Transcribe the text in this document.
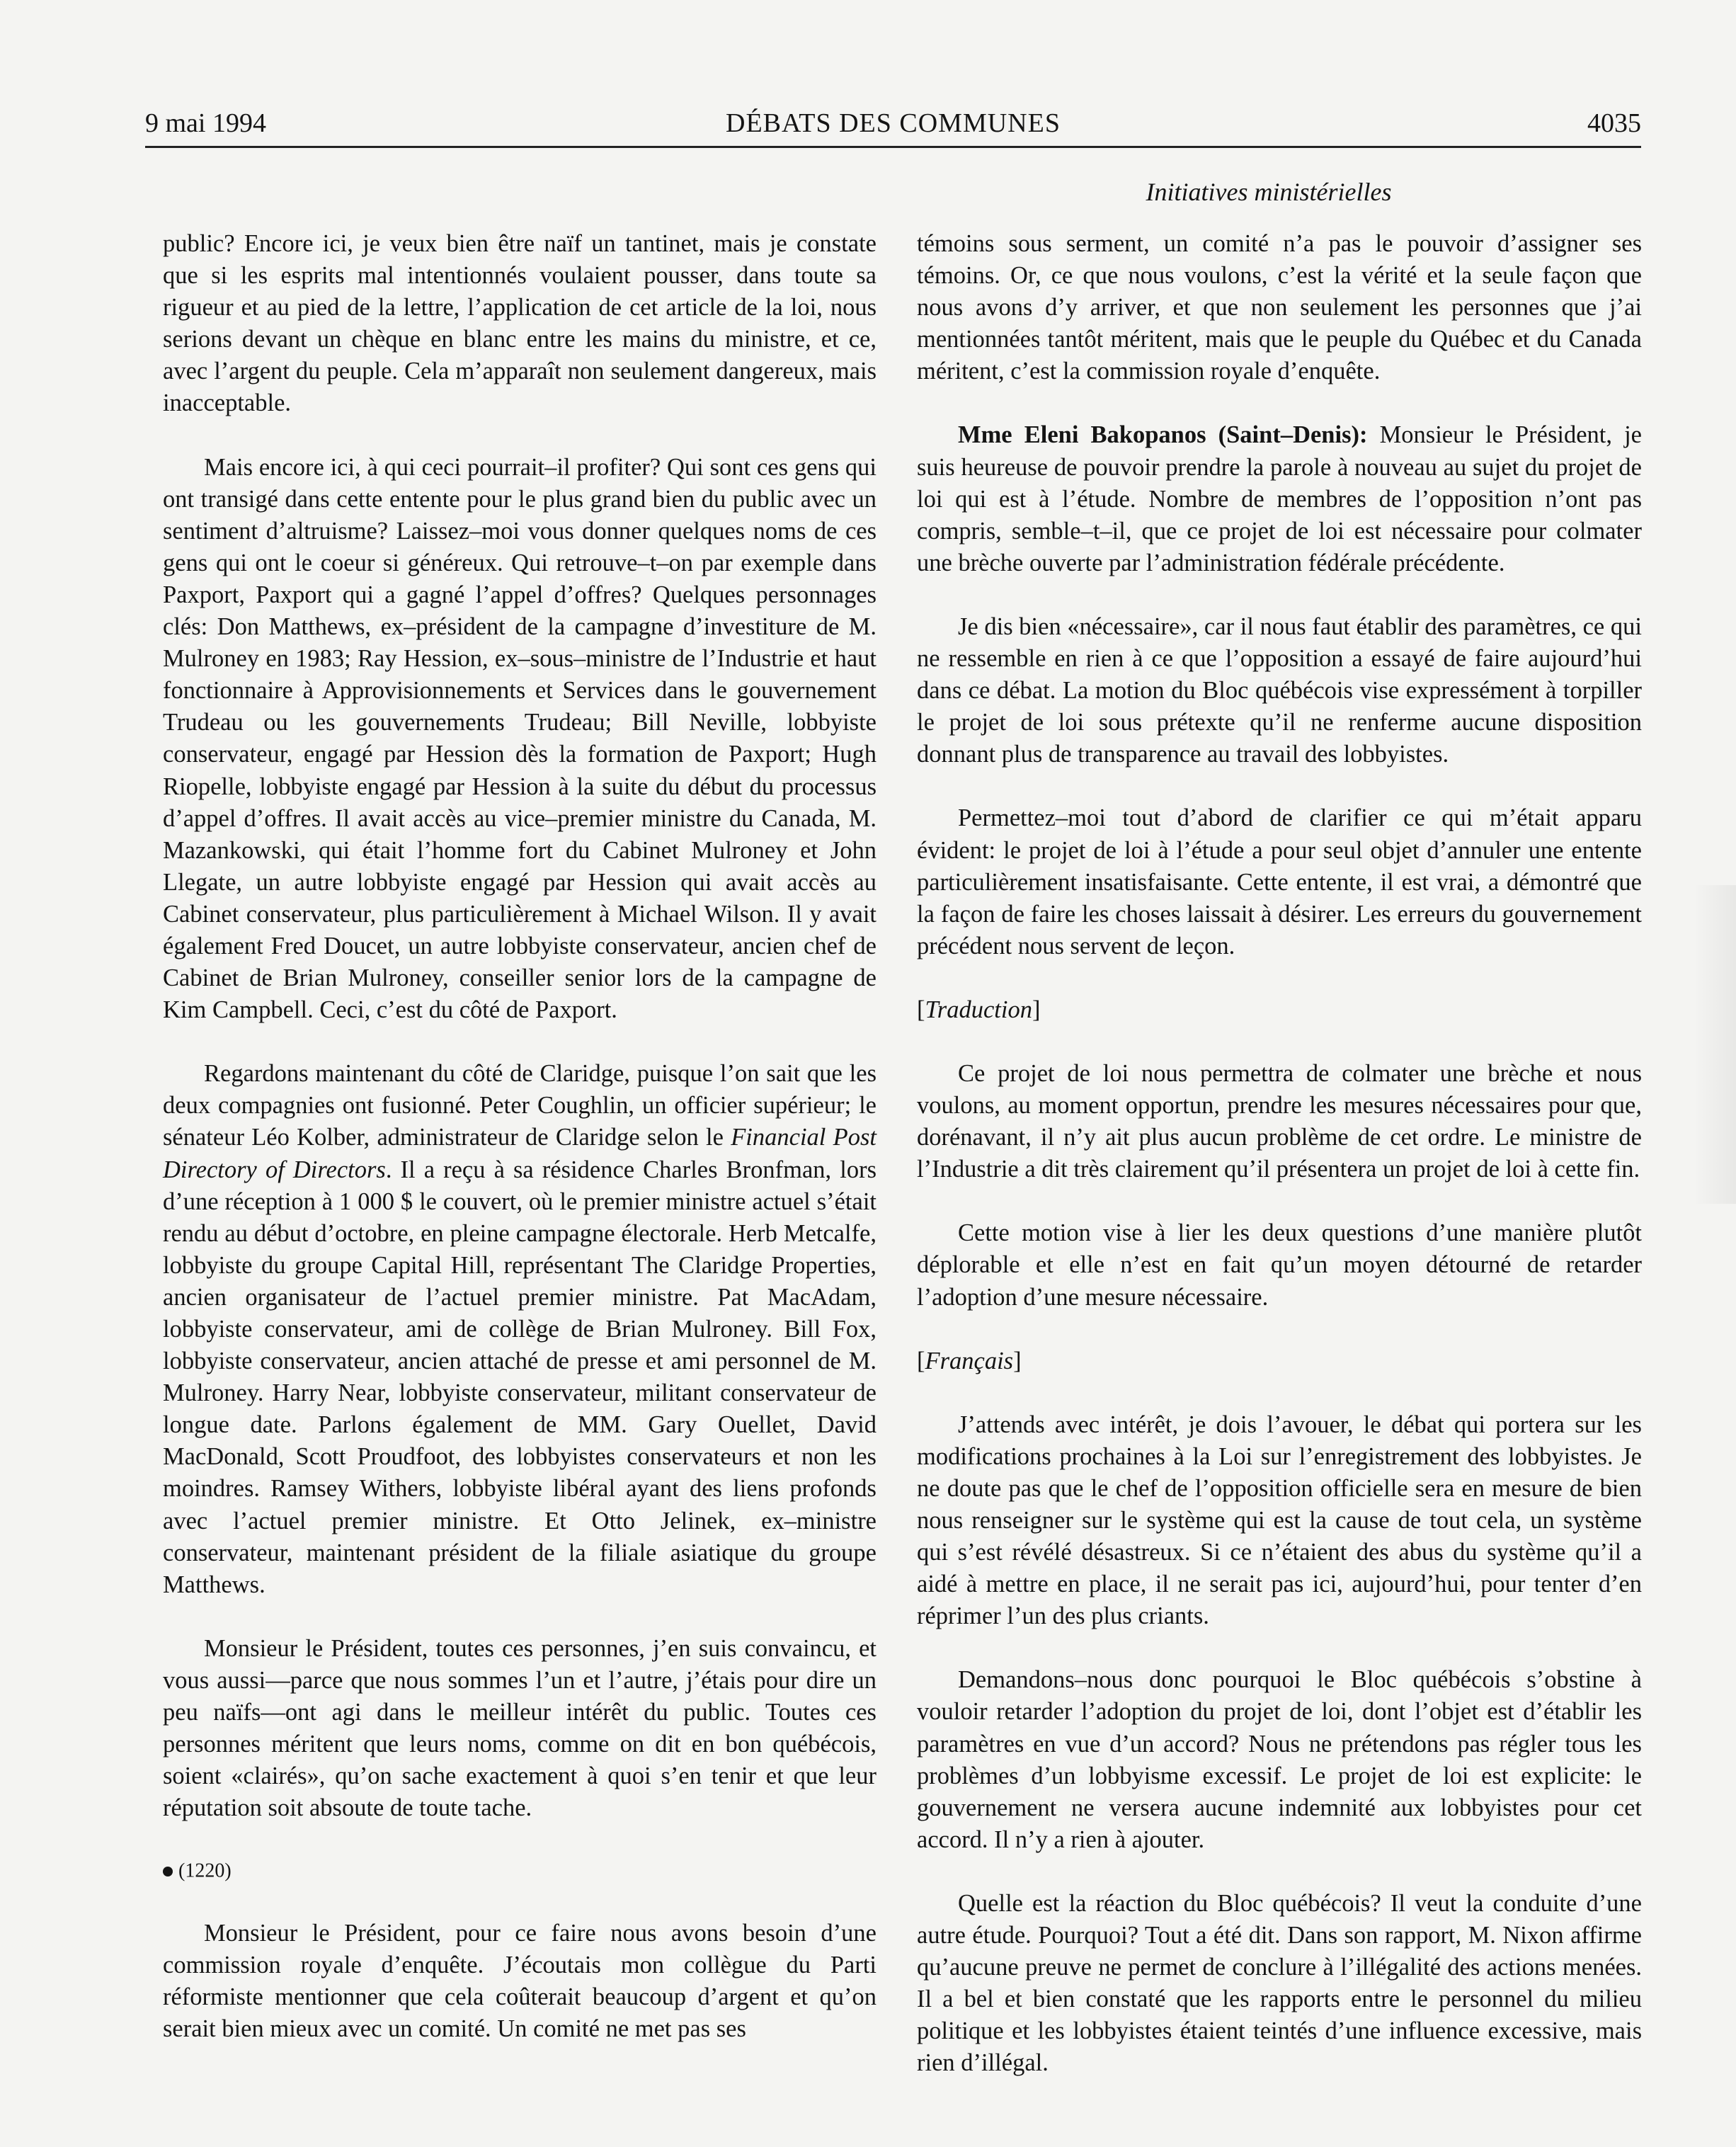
9 mai 1994	DÉBATS DES COMMUNES	4035
Initiatives ministérielles

public? Encore ici, je veux bien être naïf un tantinet, mais je constate que si les esprits mal intentionnés voulaient pousser, dans toute sa rigueur et au pied de la lettre, l’application de cet article de la loi, nous serions devant un chèque en blanc entre les mains du ministre, et ce, avec l’argent du peuple. Cela m’apparaît non seulement dangereux, mais inacceptable.

Mais encore ici, à qui ceci pourrait–il profiter? Qui sont ces gens qui ont transigé dans cette entente pour le plus grand bien du public avec un sentiment d’altruisme? Laissez–moi vous donner quelques noms de ces gens qui ont le coeur si généreux. Qui retrouve–t–on par exemple dans Paxport, Paxport qui a gagné l’appel d’offres? Quelques personnages clés: Don Matthews, ex–président de la campagne d’investiture de M. Mulroney en 1983; Ray Hession, ex–sous–ministre de l’Industrie et haut fonctionnaire à Approvisionnements et Services dans le gouvernement Trudeau ou les gouvernements Trudeau; Bill Neville, lobbyiste conservateur, engagé par Hession dès la formation de Paxport; Hugh Riopelle, lobbyiste engagé par Hession à la suite du début du processus d’appel d’offres. Il avait accès au vice–premier ministre du Canada, M. Mazankowski, qui était l’homme fort du Cabinet Mulroney et John Llegate, un autre lobbyiste engagé par Hession qui avait accès au Cabinet conservateur, plus particulièrement à Michael Wilson. Il y avait également Fred Doucet, un autre lobbyiste conservateur, ancien chef de Cabinet de Brian Mulroney, conseiller senior lors de la campagne de Kim Campbell. Ceci, c’est du côté de Paxport.

Regardons maintenant du côté de Claridge, puisque l’on sait que les deux compagnies ont fusionné. Peter Coughlin, un officier supérieur; le sénateur Léo Kolber, administrateur de Claridge selon le Financial Post Directory of Directors. Il a reçu à sa résidence Charles Bronfman, lors d’une réception à 1 000 $ le couvert, où le premier ministre actuel s’était rendu au début d’octobre, en pleine campagne électorale. Herb Metcalfe, lobbyiste du groupe Capital Hill, représentant The Claridge Properties, ancien organisateur de l’actuel premier ministre. Pat MacAdam, lobbyiste conservateur, ami de collège de Brian Mulroney. Bill Fox, lobbyiste conservateur, ancien attaché de presse et ami personnel de M. Mulroney. Harry Near, lobbyiste conservateur, militant conservateur de longue date. Parlons également de MM. Gary Ouellet, David MacDonald, Scott Proudfoot, des lobbyistes conservateurs et non les moindres. Ramsey Withers, lobbyiste libéral ayant des liens profonds avec l’actuel premier ministre. Et Otto Jelinek, ex–ministre conservateur, maintenant président de la filiale asiatique du groupe Matthews.

Monsieur le Président, toutes ces personnes, j’en suis convaincu, et vous aussi—parce que nous sommes l’un et l’autre, j’étais pour dire un peu naïfs—ont agi dans le meilleur intérêt du public. Toutes ces personnes méritent que leurs noms, comme on dit en bon québécois, soient «clairés», qu’on sache exactement à quoi s’en tenir et que leur réputation soit absoute de toute tache.

(1220)

Monsieur le Président, pour ce faire nous avons besoin d’une commission royale d’enquête. J’écoutais mon collègue du Parti réformiste mentionner que cela coûterait beaucoup d’argent et qu’on serait bien mieux avec un comité. Un comité ne met pas ses

témoins sous serment, un comité n’a pas le pouvoir d’assigner ses témoins. Or, ce que nous voulons, c’est la vérité et la seule façon que nous avons d’y arriver, et que non seulement les personnes que j’ai mentionnées tantôt méritent, mais que le peuple du Québec et du Canada méritent, c’est la commission royale d’enquête.

Mme Eleni Bakopanos (Saint–Denis): Monsieur le Président, je suis heureuse de pouvoir prendre la parole à nouveau au sujet du projet de loi qui est à l’étude. Nombre de membres de l’opposition n’ont pas compris, semble–t–il, que ce projet de loi est nécessaire pour colmater une brèche ouverte par l’administration fédérale précédente.

Je dis bien «nécessaire», car il nous faut établir des paramètres, ce qui ne ressemble en rien à ce que l’opposition a essayé de faire aujourd’hui dans ce débat. La motion du Bloc québécois vise expressément à torpiller le projet de loi sous prétexte qu’il ne renferme aucune disposition donnant plus de transparence au travail des lobbyistes.

Permettez–moi tout d’abord de clarifier ce qui m’était apparu évident: le projet de loi à l’étude a pour seul objet d’annuler une entente particulièrement insatisfaisante. Cette entente, il est vrai, a démontré que la façon de faire les choses laissait à désirer. Les erreurs du gouvernement précédent nous servent de leçon.

[Traduction]

Ce projet de loi nous permettra de colmater une brèche et nous voulons, au moment opportun, prendre les mesures nécessaires pour que, dorénavant, il n’y ait plus aucun problème de cet ordre. Le ministre de l’Industrie a dit très clairement qu’il présentera un projet de loi à cette fin.

Cette motion vise à lier les deux questions d’une manière plutôt déplorable et elle n’est en fait qu’un moyen détourné de retarder l’adoption d’une mesure nécessaire.

[Français]

J’attends avec intérêt, je dois l’avouer, le débat qui portera sur les modifications prochaines à la Loi sur l’enregistrement des lobbyistes. Je ne doute pas que le chef de l’opposition officielle sera en mesure de bien nous renseigner sur le système qui est la cause de tout cela, un système qui s’est révélé désastreux. Si ce n’étaient des abus du système qu’il a aidé à mettre en place, il ne serait pas ici, aujourd’hui, pour tenter d’en réprimer l’un des plus criants.

Demandons–nous donc pourquoi le Bloc québécois s’obstine à vouloir retarder l’adoption du projet de loi, dont l’objet est d’établir les paramètres en vue d’un accord? Nous ne prétendons pas régler tous les problèmes d’un lobbyisme excessif. Le projet de loi est explicite: le gouvernement ne versera aucune indemnité aux lobbyistes pour cet accord. Il n’y a rien à ajouter.

Quelle est la réaction du Bloc québécois? Il veut la conduite d’une autre étude. Pourquoi? Tout a été dit. Dans son rapport, M. Nixon affirme qu’aucune preuve ne permet de conclure à l’illégalité des actions menées. Il a bel et bien constaté que les rapports entre le personnel du milieu politique et les lobbyistes étaient teintés d’une influence excessive, mais rien d’illégal.
